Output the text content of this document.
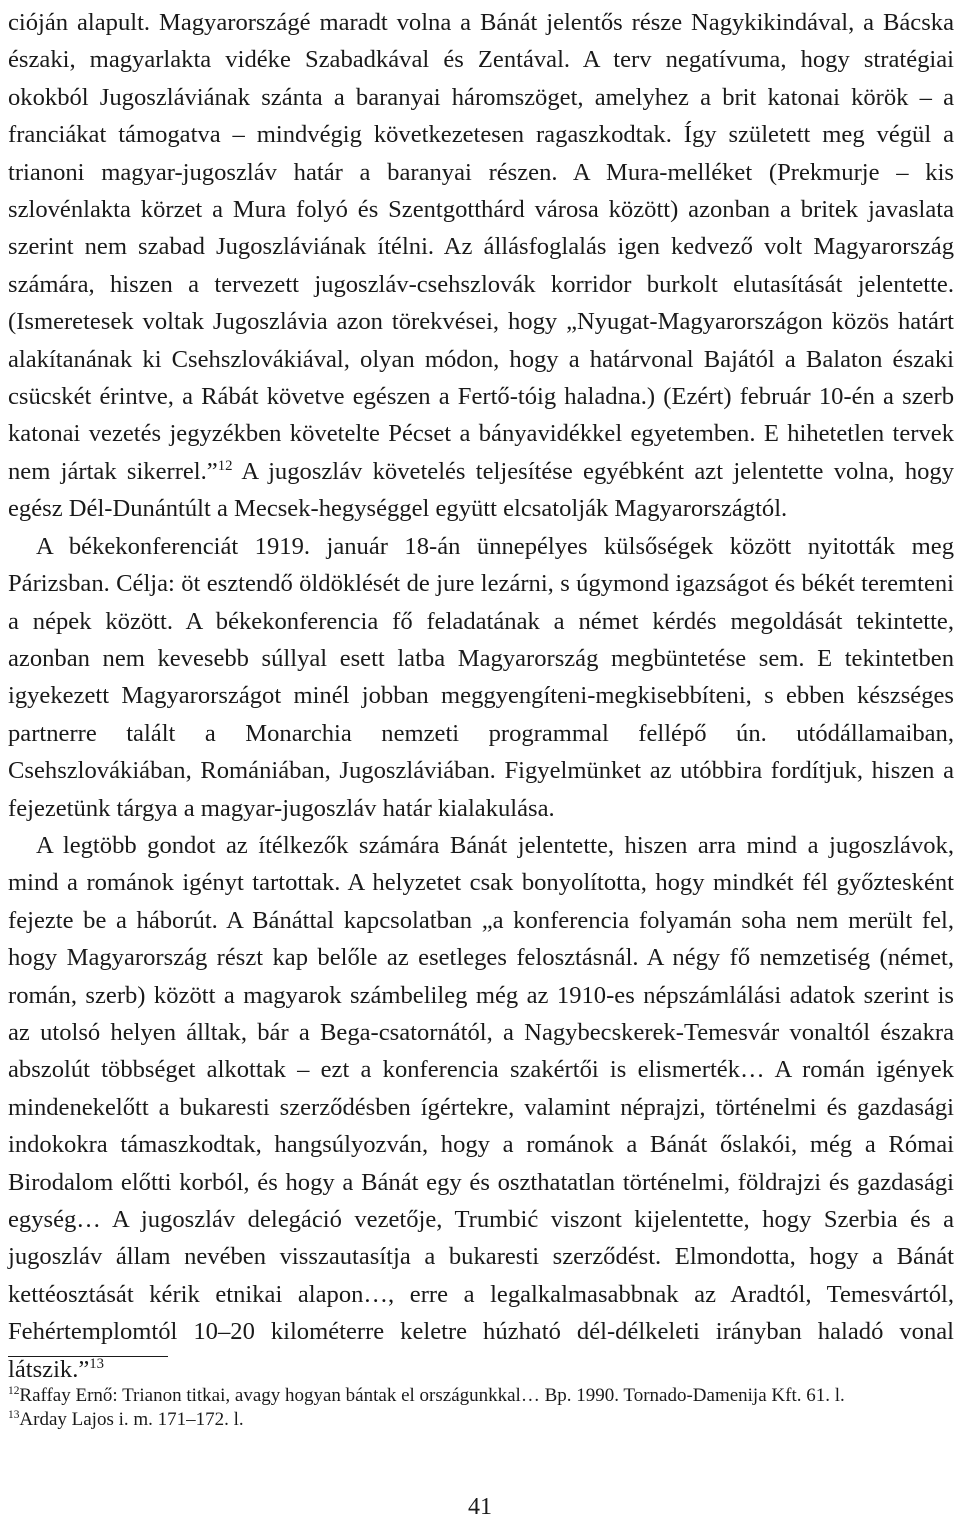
cióján alapult. Magyarországé maradt volna a Bánát jelentős része Nagykikindával, a Bácska északi, magyarlakta vidéke Szabadkával és Zentával. A terv negatívuma, hogy stratégiai okokból Jugoszláviának szánta a baranyai háromszöget, amelyhez a brit katonai körök – a franciákat támogatva – mindvégig következetesen ragaszkodtak. Így született meg végül a trianoni magyar-jugoszláv határ a baranyai részen. A Mura-melléket (Prekmurje – kis szlovénlakta körzet a Mura folyó és Szentgotthárd városa között) azonban a britek javaslata szerint nem szabad Jugoszláviának ítélni. Az állásfoglalás igen kedvező volt Magyarország számára, hiszen a tervezett jugoszláv-csehszlovák korridor burkolt elutasítását jelentette. (Ismeretesek voltak Jugoszlávia azon törekvései, hogy „Nyugat-Magyarországon közös határt alakítanának ki Csehszlovákiával, olyan módon, hogy a határvonal Bajától a Balaton északi csücskét érintve, a Rábát követve egészen a Fertő-tóig haladna.) (Ezért) február 10-én a szerb katonai vezetés jegyzékben követelte Pécset a bányavidékkel egyetemben. E hihetetlen tervek nem jártak sikerrel.”$^{12}$ A jugoszláv követelés teljesítése egyébként azt jelentette volna, hogy egész Dél-Dunántúlt a Mecsek-hegységgel együtt elcsatolják Magyarországtól.

A békekonferenciát 1919. január 18-án ünnepélyes külsőségek között nyitották meg Párizsban. Célja: öt esztendő öldöklését de jure lezárni, s úgymond igazságot és békét teremteni a népek között. A békekonferencia fő feladatának a német kérdés megoldását tekintette, azonban nem kevesebb súllyal esett latba Magyarország megbüntetése sem. E tekintetben igyekezett Magyarországot minél jobban meggyengíteni-megkisebbíteni, s ebben készséges partnerre talált a Monarchia nemzeti programmal fellépő ún. utódállamaiban, Csehszlovákiában, Romániában, Jugoszláviában. Figyelmünket az utóbbira fordítjuk, hiszen a fejezetünk tárgya a magyar-jugoszláv határ kialakulása.

A legtöbb gondot az ítélkezők számára Bánát jelentette, hiszen arra mind a jugoszlávok, mind a románok igényt tartottak. A helyzetet csak bonyolította, hogy mindkét fél győztesként fejezte be a háborút. A Bánáttal kapcsolatban „a konferencia folyamán soha nem merült fel, hogy Magyarország részt kap belőle az esetleges felosztásnál. A négy fő nemzetiség (német, román, szerb) között a magyarok számbelileg még az 1910-es népszámlálási adatok szerint is az utolsó helyen álltak, bár a Bega-csatornától, a Nagybecskerek-Temesvár vonaltól északra abszolút többséget alkottak – ezt a konferencia szakértői is elismerték… A román igények mindenekelőtt a bukaresti szerződésben ígértekre, valamint néprajzi, történelmi és gazdasági indokokra támaszkodtak, hangsúlyozván, hogy a románok a Bánát őslakói, még a Római Birodalom előtti korból, és hogy a Bánát egy és oszthatatlan történelmi, földrajzi és gazdasági egység… A jugoszláv delegáció vezetője, Trumbić viszont kijelentette, hogy Szerbia és a jugoszláv állam nevében visszautasítja a bukaresti szerződést. Elmondotta, hogy a Bánát kettéosztását kérik etnikai alapon…, erre a legalkalmasabbnak az Aradtól, Temesvártól, Fehértemplomtól 10–20 kilométerre keletre húzható dél-délkeleti irányban haladó vonal látszik.”$^{13}$

$^{12}$Raffay Ernő: Trianon titkai, avagy hogyan bántak el országunkkal… Bp. 1990. Tornado-Damenija Kft. 61. l.
$^{13}$Arday Lajos i. m. 171–172. l.
41
